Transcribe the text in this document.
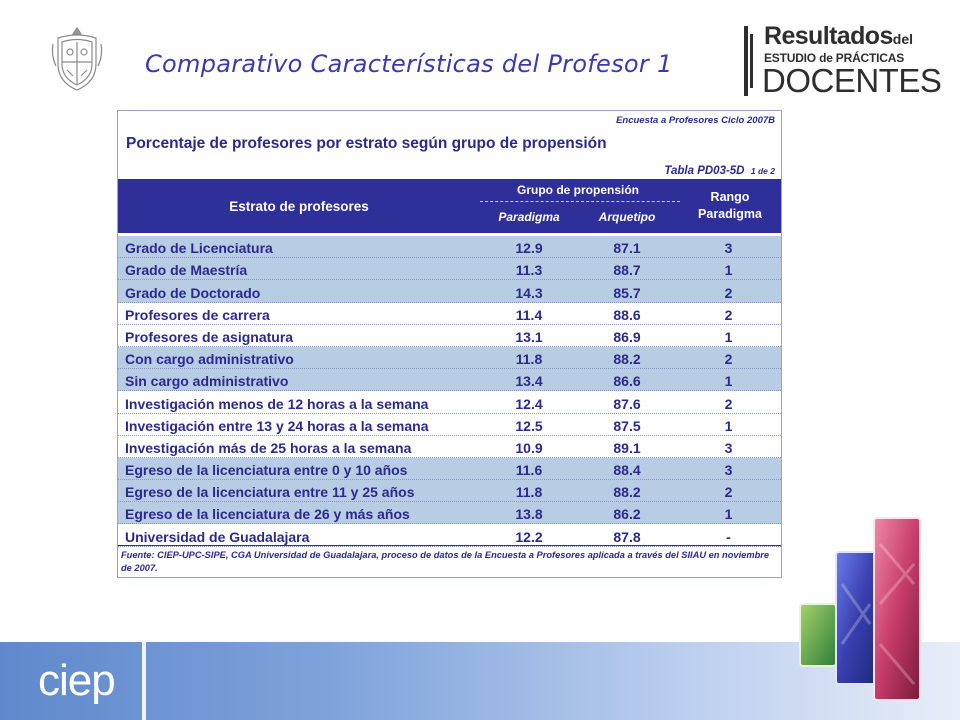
Comparativo Características del Profesor 1
Resultadosdel
ESTUDIO de PRÁCTICAS
DOCENTES
Encuesta a Profesores Ciclo 2007B
Porcentaje de profesores por estrato según grupo de propensión
Tabla PD03-5D 1 de 2
Estrato de profesores
Grupo de propensión
Paradigma	Arquetipo
Rango
Paradigma
Grado de Licenciatura	12.9	87.1	3
Grado de Maestría	11.3	88.7	1
Grado de Doctorado	14.3	85.7	2
Profesores de carrera	11.4	88.6	2
Profesores de asignatura	13.1	86.9	1
Con cargo administrativo	11.8	88.2	2
Sin cargo administrativo	13.4	86.6	1
Investigación menos de 12 horas a la semana	12.4	87.6	2
Investigación entre 13 y 24 horas a la semana	12.5	87.5	1
Investigación más de 25 horas a la semana	10.9	89.1	3
Egreso de la licenciatura entre 0 y 10 años	11.6	88.4	3
Egreso de la licenciatura entre 11 y 25 años	11.8	88.2	2
Egreso de la licenciatura de 26 y más años	13.8	86.2	1
Universidad de Guadalajara	12.2	87.8	-
Fuente: CIEP-UPC-SIPE, CGA Universidad de Guadalajara, proceso de datos de la Encuesta a Profesores aplicada a través del SIIAU en noviembre de 2007.
ciep
